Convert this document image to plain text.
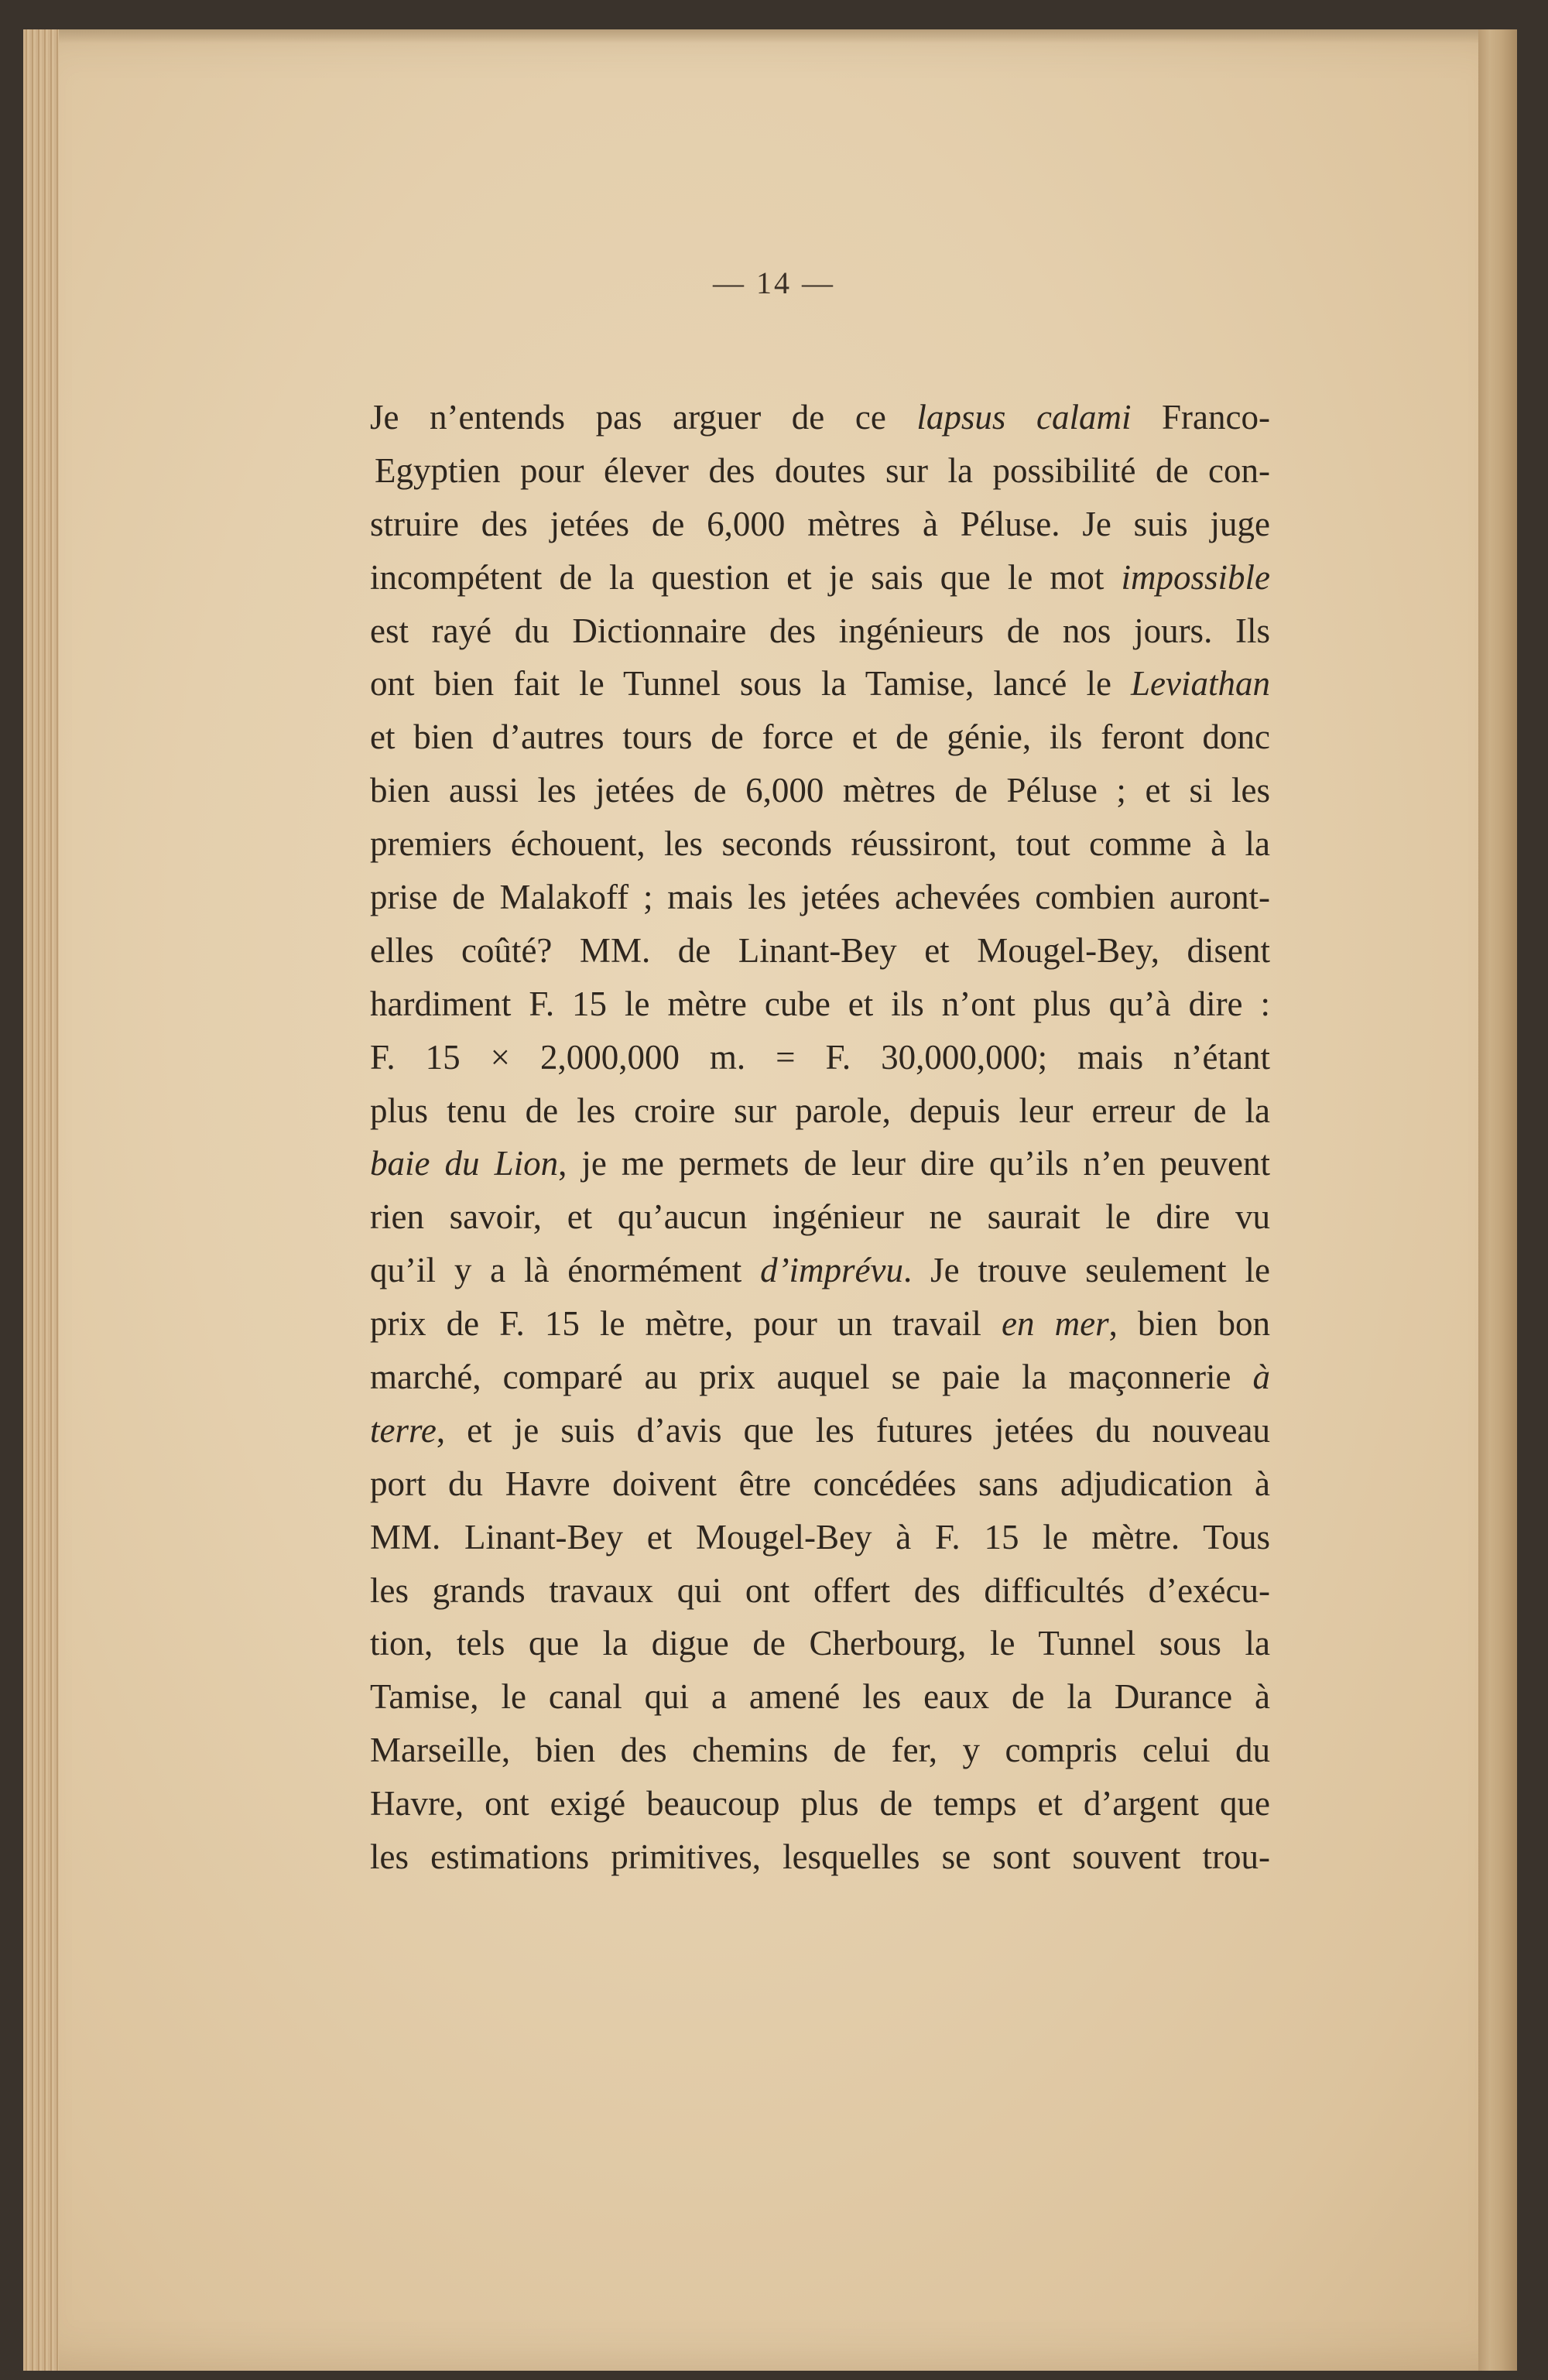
— 14 —
Je n’entends pas arguer de ce lapsus calami Franco-
Egyptien pour élever des doutes sur la possibilité de con-
struire des jetées de 6,000 mètres à Péluse. Je suis juge
incompétent de la question et je sais que le mot impossible
est rayé du Dictionnaire des ingénieurs de nos jours. Ils
ont bien fait le Tunnel sous la Tamise, lancé le Leviathan
et bien d’autres tours de force et de génie, ils feront donc
bien aussi les jetées de 6,000 mètres de Péluse ; et si les
premiers échouent, les seconds réussiront, tout comme à la
prise de Malakoff ; mais les jetées achevées combien auront-
elles coûté? MM. de Linant-Bey et Mougel-Bey, disent
hardiment F. 15 le mètre cube et ils n’ont plus qu’à dire :
F. 15 × 2,000,000 m. = F. 30,000,000; mais n’étant
plus tenu de les croire sur parole, depuis leur erreur de la
baie du Lion, je me permets de leur dire qu’ils n’en peuvent
rien savoir, et qu’aucun ingénieur ne saurait le dire vu
qu’il y a là énormément d’imprévu. Je trouve seulement le
prix de F. 15 le mètre, pour un travail en mer, bien bon
marché, comparé au prix auquel se paie la maçonnerie à
terre, et je suis d’avis que les futures jetées du nouveau
port du Havre doivent être concédées sans adjudication à
MM. Linant-Bey et Mougel-Bey à F. 15 le mètre. Tous
les grands travaux qui ont offert des difficultés d’exécu-
tion, tels que la digue de Cherbourg, le Tunnel sous la
Tamise, le canal qui a amené les eaux de la Durance à
Marseille, bien des chemins de fer, y compris celui du
Havre, ont exigé beaucoup plus de temps et d’argent que
les estimations primitives, lesquelles se sont souvent trou-
